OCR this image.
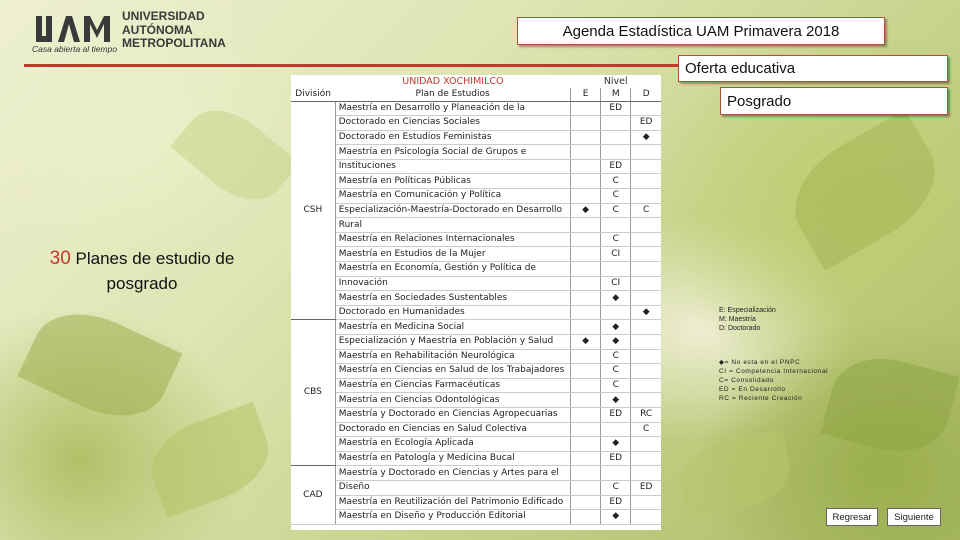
Casa abierta al tiempo
UNIVERSIDAD
AUTÓNOMA
METROPOLITANA
Agenda Estadística UAM Primavera 2018
Oferta educativa
Posgrado
30 Planes de estudio de
posgrado
	UNIDAD XOCHIMILCO	Nivel		
División	Plan de Estudios	E	M	D
CSH	Maestría en Desarrollo y Planeación de la		ED	
	Doctorado en Ciencias Sociales			ED
	Doctorado en Estudios Feministas			◆
	Maestría en Psicología Social de Grupos e			
	Instituciones		ED	
	Maestría en Políticas Públicas		C	
	Maestría en Comunicación y Política		C	
	Especialización-Maestría-Doctorado en Desarrollo	◆	C	C
	Rural			
	Maestría en Relaciones Internacionales		C	
	Maestría en Estudios de la Mujer		CI	
	Maestría en Economía, Gestión y Política de			
	Innovación		CI	
	Maestría en Sociedades Sustentables		◆	
	Doctorado en Humanidades			◆
CBS	Maestría en Medicina Social		◆	
	Especialización y Maestría en Población y Salud	◆	◆	
	Maestría en Rehabilitación Neurológica		C	
	Maestría en Ciencias en Salud de los Trabajadores		C	
	Maestría en Ciencias Farmacéuticas		C	
	Maestría en Ciencias Odontológicas		◆	
	Maestría y Doctorado en Ciencias Agropecuarias		ED	RC
	Doctorado en Ciencias en Salud Colectiva			C
	Maestría en Ecología Aplicada		◆	
	Maestría en Patología y Medicina Bucal		ED	
CAD	Maestría y Doctorado en Ciencias y Artes para el			
	Diseño		C	ED
	Maestría en Reutilización del Patrimonio Edificado		ED	
	Maestría en Diseño y Producción Editorial		◆	
E: Especialización
M: Maestría
D: Doctorado
◆= No esta en el PNPC
CI = Competencia Internacional
C= Consolidado
ED = En Desarrollo
RC = Reciente Creación
Regresar	Siguiente
